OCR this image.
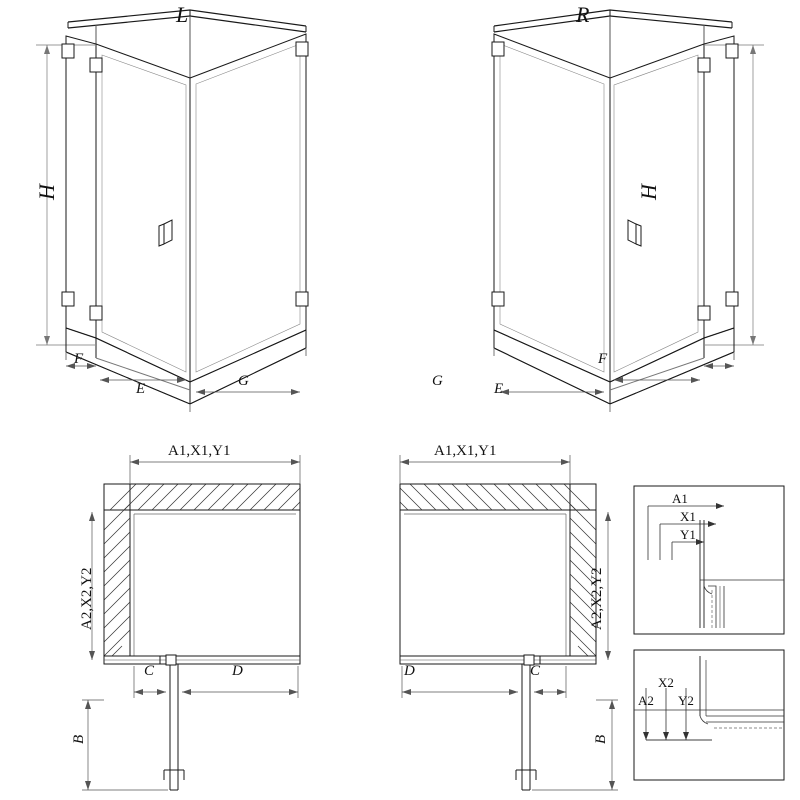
L	R
H	H
F
E	G
F
E
G
A1,X1,Y1	A1,X1,Y1
A2,X2,Y2	A2,X2,Y2
C	D	D	C
B	B
A1
X1
Y1
A2
X2
Y2
